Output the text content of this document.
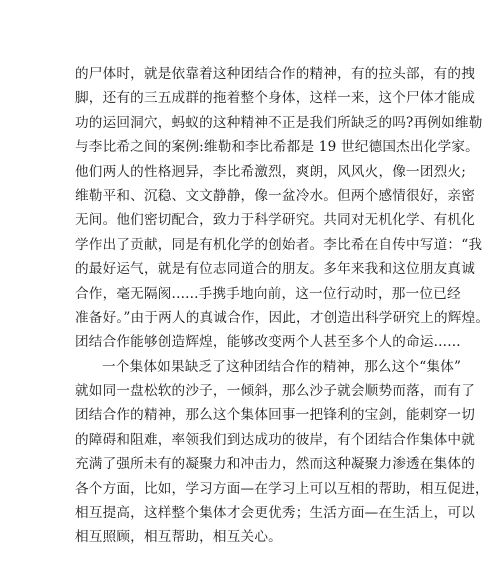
的尸体时，就是依靠着这种团结合作的精神，有的拉头部，有的拽
脚，还有的三五成群的拖着整个身体，这样一来，这个尸体才能成
功的运回洞穴，蚂蚁的这种精神不正是我们所缺乏的吗?再例如维勒
与李比希之间的案例:维勒和李比希都是 19 世纪德国杰出化学家。
他们两人的性格迥异，李比希激烈，爽朗，风风火，像一团烈火;
维勒平和、沉稳、文文静静，像一盆冷水。但两个感情很好，亲密
无间。他们密切配合，致力于科学研究。共同对无机化学、有机化
学作出了贡献，同是有机化学的创始者。李比希在自传中写道：“我
的最好运气，就是有位志同道合的朋友。多年来我和这位朋友真诚
合作，毫无隔阂......手携手地向前，这一位行动时，那一位已经
准备好。”由于两人的真诚合作，因此，才创造出科学研究上的辉煌。
团结合作能够创造辉煌，能够改变两个人甚至多个人的命运......
一个集体如果缺乏了这种团结合作的精神，那么这个“集体”
就如同一盘松软的沙子，一倾斜，那么沙子就会顺势而落，而有了
团结合作的精神，那么这个集体回事一把锋利的宝剑，能刺穿一切
的障碍和阻难，率领我们到达成功的彼岸，有个团结合作集体中就
充满了强所未有的凝聚力和冲击力，然而这种凝聚力渗透在集体的
各个方面，比如，学习方面—在学习上可以互相的帮助，相互促进，
相互提高，这样整个集体才会更优秀；生活方面—在生活上，可以
相互照顾，相互帮助，相互关心。
